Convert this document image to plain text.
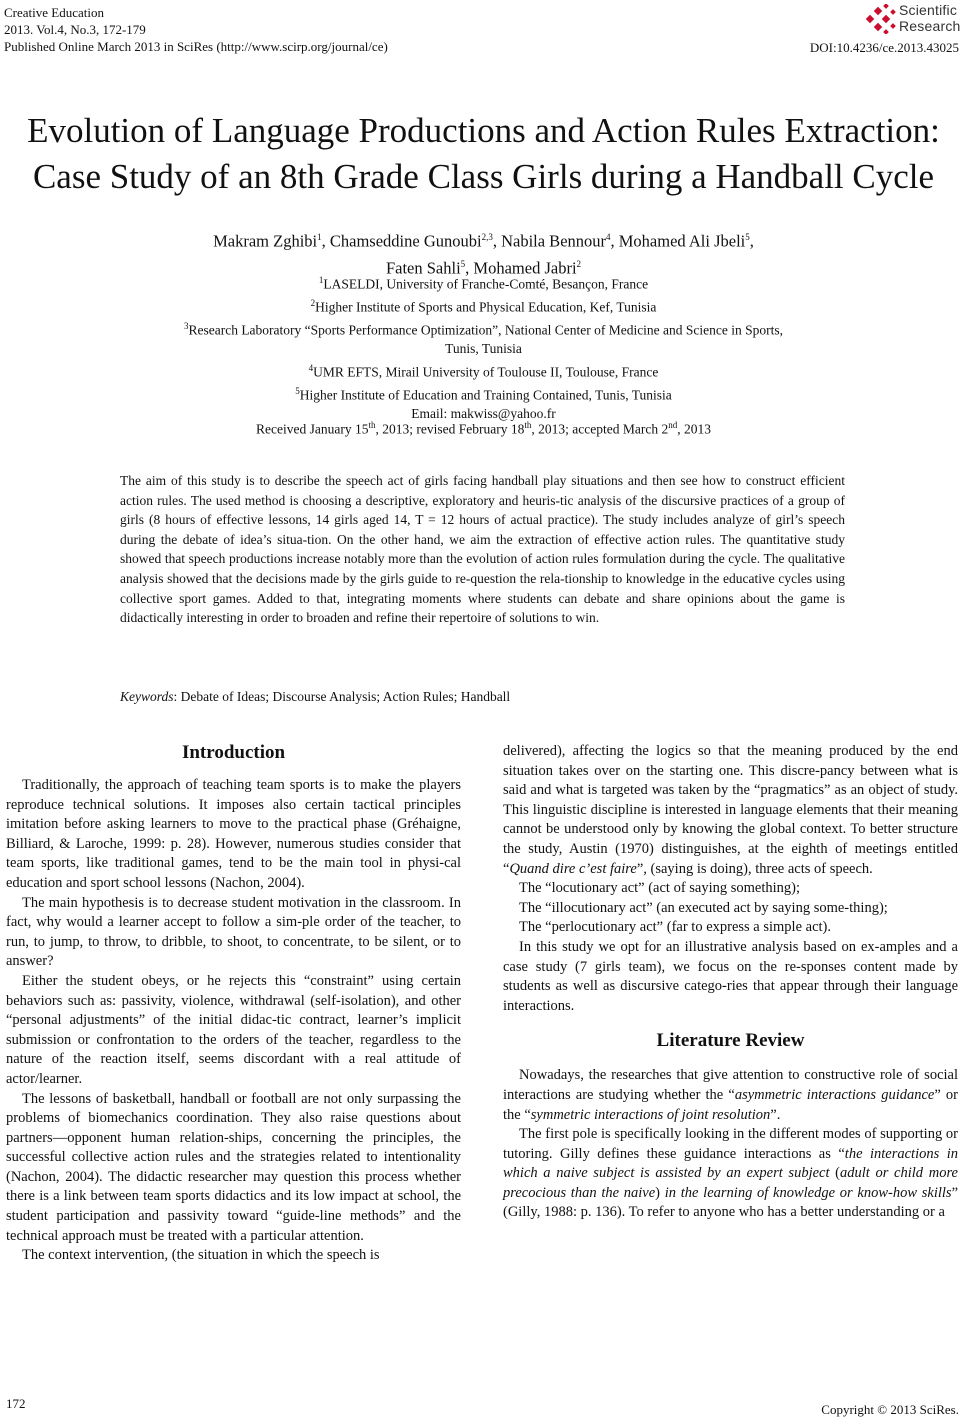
Creative Education
2013. Vol.4, No.3, 172-179
Published Online March 2013 in SciRes (http://www.scirp.org/journal/ce)
Scientific
Research
DOI:10.4236/ce.2013.43025
Evolution of Language Productions and Action Rules Extraction:
Case Study of an 8th Grade Class Girls during a Handball Cycle
Makram Zghibi$^1$, Chamseddine Gunoubi$^{2,3}$, Nabila Bennour$^4$, Mohamed Ali Jbeli$^5$,
Faten Sahli$^5$, Mohamed Jabri$^2$
$^1$LASELDI, University of Franche-Comté, Besançon, France
$^2$Higher Institute of Sports and Physical Education, Kef, Tunisia
$^3$Research Laboratory “Sports Performance Optimization”, National Center of Medicine and Science in Sports,
Tunis, Tunisia
$^4$UMR EFTS, Mirail University of Toulouse II, Toulouse, France
$^5$Higher Institute of Education and Training Contained, Tunis, Tunisia
Email: makwiss@yahoo.fr
Received January 15th, 2013; revised February 18th, 2013; accepted March 2nd, 2013
The aim of this study is to describe the speech act of girls facing handball play situations and then see how to construct efficient action rules. The used method is choosing a descriptive, exploratory and heuris-tic analysis of the discursive practices of a group of girls (8 hours of effective lessons, 14 girls aged 14, T = 12 hours of actual practice). The study includes analyze of girl’s speech during the debate of idea’s situa-tion. On the other hand, we aim the extraction of effective action rules. The quantitative study showed that speech productions increase notably more than the evolution of action rules formulation during the cycle. The qualitative analysis showed that the decisions made by the girls guide to re-question the rela-tionship to knowledge in the educative cycles using collective sport games. Added to that, integrating moments where students can debate and share opinions about the game is didactically interesting in order to broaden and refine their repertoire of solutions to win.
Keywords: Debate of Ideas; Discourse Analysis; Action Rules; Handball
Introduction

Traditionally, the approach of teaching team sports is to make the players reproduce technical solutions. It imposes also certain tactical principles imitation before asking learners to move to the practical phase (Gréhaigne, Billiard, & Laroche, 1999: p. 28). However, numerous studies consider that team sports, like traditional games, tend to be the main tool in physi-cal education and sport school lessons (Nachon, 2004).

The main hypothesis is to decrease student motivation in the classroom. In fact, why would a learner accept to follow a sim-ple order of the teacher, to run, to jump, to throw, to dribble, to shoot, to concentrate, to be silent, or to answer?

Either the student obeys, or he rejects this “constraint” using certain behaviors such as: passivity, violence, withdrawal (self-isolation), and other “personal adjustments” of the initial didac-tic contract, learner’s implicit submission or confrontation to the orders of the teacher, regardless to the nature of the reaction itself, seems discordant with a real attitude of actor/learner.

The lessons of basketball, handball or football are not only surpassing the problems of biomechanics coordination. They also raise questions about partners—opponent human relation-ships, concerning the principles, the successful collective action rules and the strategies related to intentionality (Nachon, 2004). The didactic researcher may question this process whether there is a link between team sports didactics and its low impact at school, the student participation and passivity toward “guide-line methods” and the technical approach must be treated with a particular attention.

The context intervention, (the situation in which the speech is

delivered), affecting the logics so that the meaning produced by the end situation takes over on the starting one. This discre-pancy between what is said and what is targeted was taken by the “pragmatics” as an object of study. This linguistic discipline is interested in language elements that their meaning cannot be understood only by knowing the global context. To better structure the study, Austin (1970) distinguishes, at the eighth of meetings entitled “Quand dire c’est faire”, (saying is doing), three acts of speech.

The “locutionary act” (act of saying something);

The “illocutionary act” (an executed act by saying some-thing);

The “perlocutionary act” (far to express a simple act).

In this study we opt for an illustrative analysis based on ex-amples and a case study (7 girls team), we focus on the re-sponses content made by students as well as discursive catego-ries that appear through their language interactions.

Literature Review

Nowadays, the researches that give attention to constructive role of social interactions are studying whether the “asymmetric interactions guidance” or the “symmetric interactions of joint resolution”.

The first pole is specifically looking in the different modes of supporting or tutoring. Gilly defines these guidance interactions as “the interactions in which a naive subject is assisted by an expert subject (adult or child more precocious than the naive) in the learning of knowledge or know-how skills” (Gilly, 1988: p. 136). To refer to anyone who has a better understanding or a

172	Copyright © 2013 SciRes.
